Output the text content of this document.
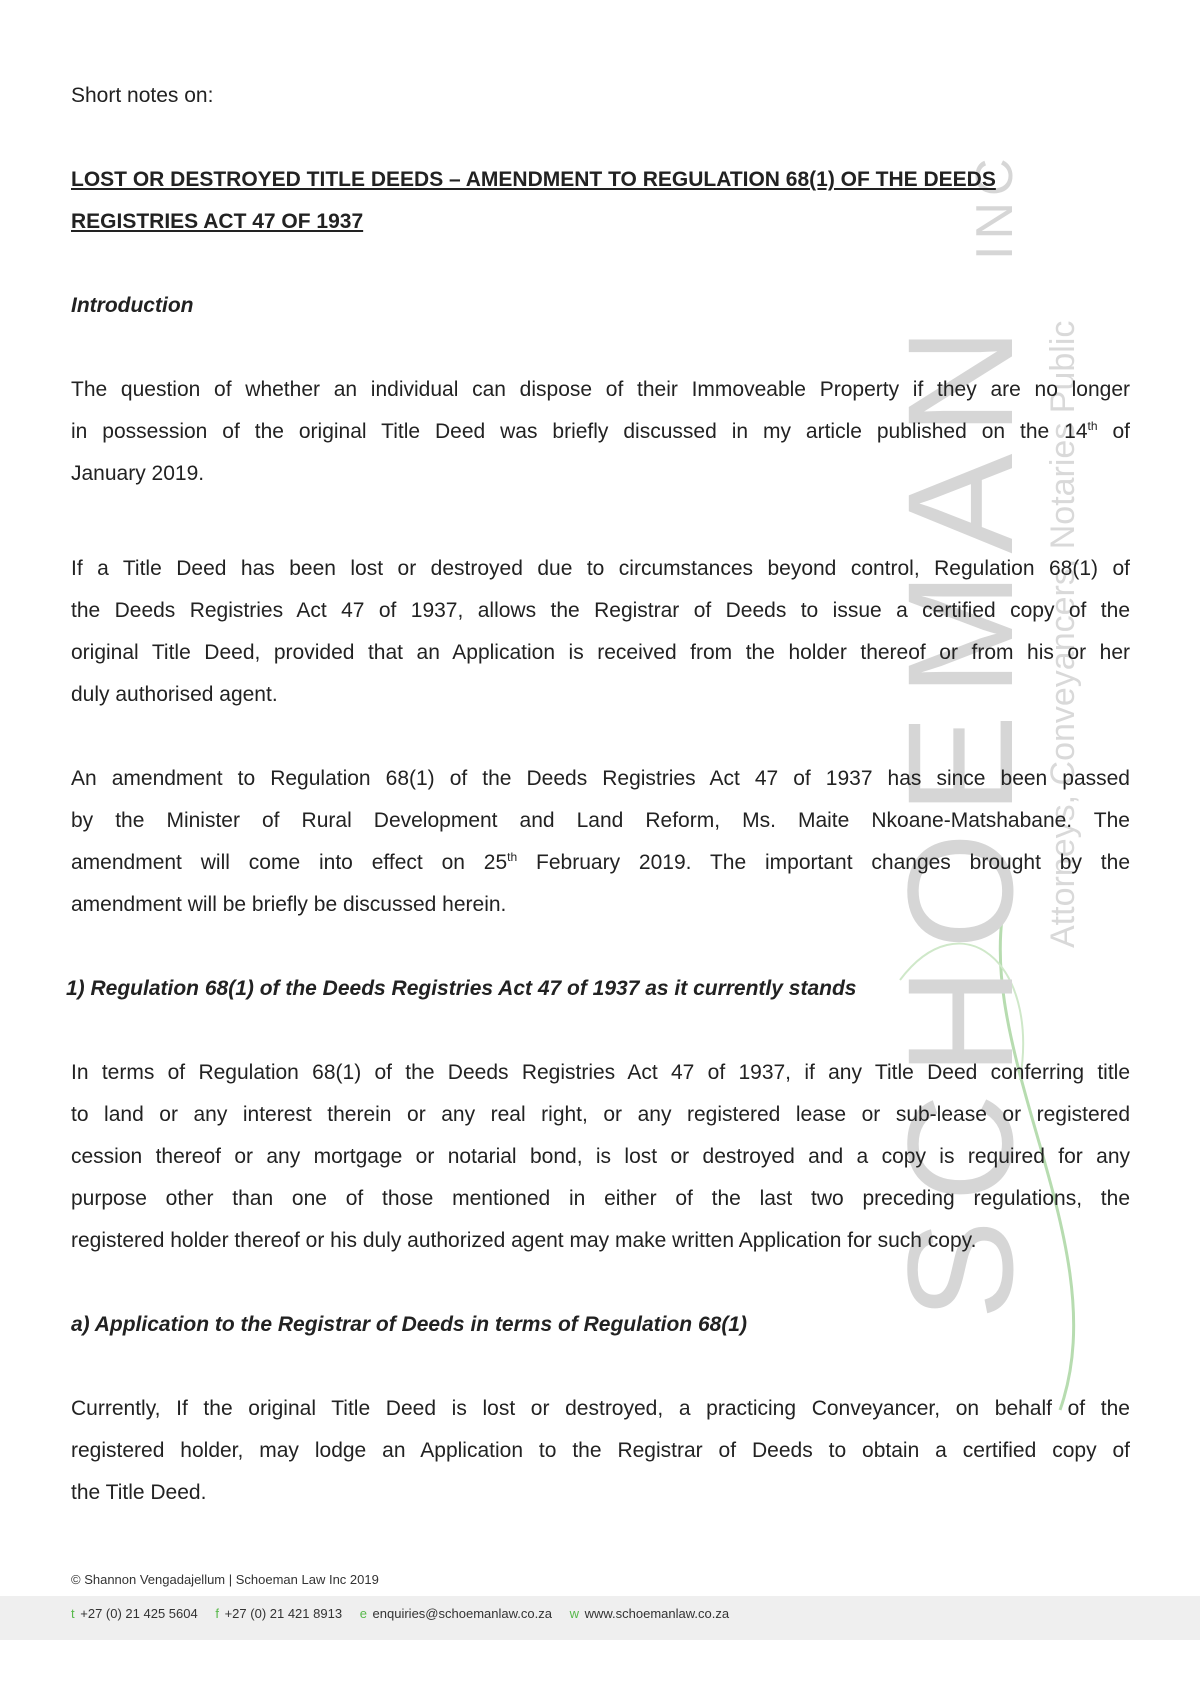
SCHOEMAN
INC
Attorneys, Conveyancers, Notaries Public
Short notes on:
LOST OR DESTROYED TITLE DEEDS – AMENDMENT TO REGULATION 68(1) OF THE DEEDS
REGISTRIES ACT 47 OF 1937
Introduction
The question of whether an individual can dispose of their Immoveable Property if they are no longer
in possession of the original Title Deed was briefly discussed in my article published on the 14th of
January 2019.
If a Title Deed has been lost or destroyed due to circumstances beyond control, Regulation 68(1) of
the Deeds Registries Act 47 of 1937, allows the Registrar of Deeds to issue a certified copy of the
original Title Deed, provided that an Application is received from the holder thereof or from his or her
duly authorised agent.
An amendment to Regulation 68(1) of the Deeds Registries Act 47 of 1937 has since been passed
by the Minister of Rural Development and Land Reform, Ms. Maite Nkoane-Matshabane. The
amendment will come into effect on 25th February 2019. The important changes brought by the
amendment will be briefly be discussed herein.
1) Regulation 68(1) of the Deeds Registries Act 47 of 1937 as it currently stands
In terms of Regulation 68(1) of the Deeds Registries Act 47 of 1937, if any Title Deed conferring title
to land or any interest therein or any real right, or any registered lease or sub-lease or registered
cession thereof or any mortgage or notarial bond, is lost or destroyed and a copy is required for any
purpose other than one of those mentioned in either of the last two preceding regulations, the
registered holder thereof or his duly authorized agent may make written Application for such copy.
a) Application to the Registrar of Deeds in terms of Regulation 68(1)
Currently, If the original Title Deed is lost or destroyed, a practicing Conveyancer, on behalf of the
registered holder, may lodge an Application to the Registrar of Deeds to obtain a certified copy of
the Title Deed.
© Shannon Vengadajellum | Schoeman Law Inc 2019
t +27 (0) 21 425 5604 f +27 (0) 21 421 8913 e enquiries@schoemanlaw.co.za w www.schoemanlaw.co.za
